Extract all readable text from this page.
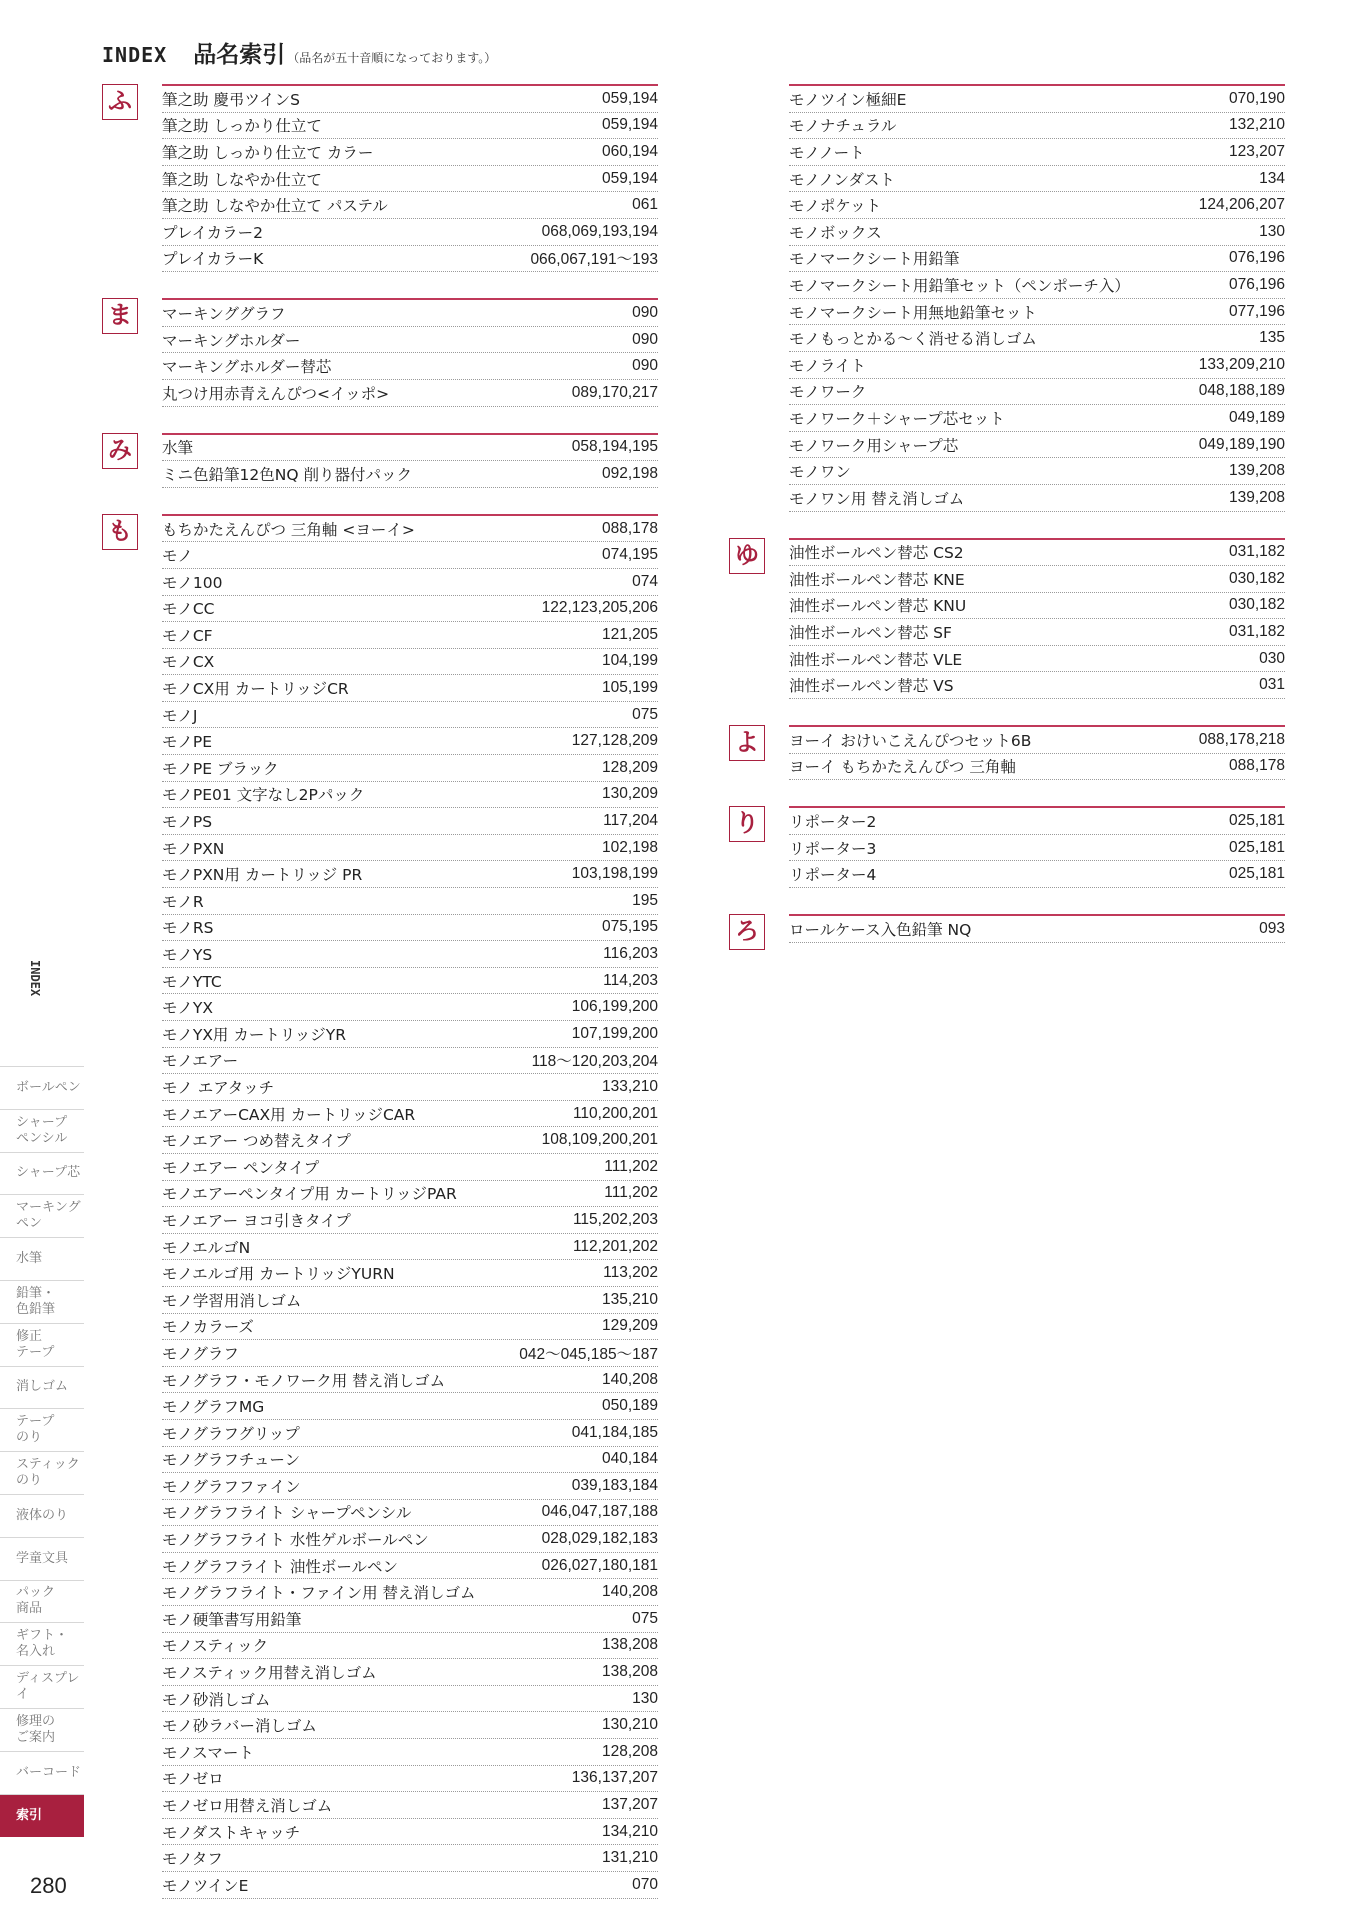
INDEX 品名索引 （品名が五十音順になっております。）
ふ	筆之助 慶弔ツインS	059,194
筆之助 しっかり仕立て	059,194
筆之助 しっかり仕立て カラー	060,194
筆之助 しなやか仕立て	059,194
筆之助 しなやか仕立て パステル	061
プレイカラー2	068,069,193,194
プレイカラーK	066,067,191〜193
ま	マーキンググラフ	090
マーキングホルダー	090
マーキングホルダー替芯	090
丸つけ用赤青えんぴつ<イッポ>	089,170,217
み	水筆	058,194,195
ミニ色鉛筆12色NQ 削り器付パック	092,198
も	もちかたえんぴつ 三角軸 <ヨーイ>	088,178
モノ	074,195
モノ100	074
モノCC	122,123,205,206
モノCF	121,205
モノCX	104,199
モノCX用 カートリッジCR	105,199
モノJ	075
モノPE	127,128,209
モノPE ブラック	128,209
モノPE01 文字なし2Pパック	130,209
モノPS	117,204
モノPXN	102,198
モノPXN用 カートリッジ PR	103,198,199
モノR	195
モノRS	075,195
モノYS	116,203
モノYTC	114,203
モノYX	106,199,200
モノYX用 カートリッジYR	107,199,200
モノエアー	118〜120,203,204
モノ エアタッチ	133,210
モノエアーCAX用 カートリッジCAR	110,200,201
モノエアー つめ替えタイプ	108,109,200,201
モノエアー ペンタイプ	111,202
モノエアーペンタイプ用 カートリッジPAR	111,202
モノエアー ヨコ引きタイプ	115,202,203
モノエルゴN	112,201,202
モノエルゴ用 カートリッジYURN	113,202
モノ学習用消しゴム	135,210
モノカラーズ	129,209
モノグラフ	042〜045,185〜187
モノグラフ・モノワーク用 替え消しゴム	140,208
モノグラフMG	050,189
モノグラフグリップ	041,184,185
モノグラフチューン	040,184
モノグラフファイン	039,183,184
モノグラフライト シャープペンシル	046,047,187,188
モノグラフライト 水性ゲルボールペン	028,029,182,183
モノグラフライト 油性ボールペン	026,027,180,181
モノグラフライト・ファイン用 替え消しゴム	140,208
モノ硬筆書写用鉛筆	075
モノスティック	138,208
モノスティック用替え消しゴム	138,208
モノ砂消しゴム	130
モノ砂ラバー消しゴム	130,210
モノスマート	128,208
モノゼロ	136,137,207
モノゼロ用替え消しゴム	137,207
モノダストキャッチ	134,210
モノタフ	131,210
モノツインE	070
モノツイン極細E	070,190
モノナチュラル	132,210
モノノート	123,207
モノノンダスト	134
モノポケット	124,206,207
モノボックス	130
モノマークシート用鉛筆	076,196
モノマークシート用鉛筆セット（ペンポーチ入）	076,196
モノマークシート用無地鉛筆セット	077,196
モノもっとかる〜く消せる消しゴム	135
モノライト	133,209,210
モノワーク	048,188,189
モノワーク＋シャープ芯セット	049,189
モノワーク用シャープ芯	049,189,190
モノワン	139,208
モノワン用 替え消しゴム	139,208
ゆ	油性ボールペン替芯 CS2	031,182
油性ボールペン替芯 KNE	030,182
油性ボールペン替芯 KNU	030,182
油性ボールペン替芯 SF	031,182
油性ボールペン替芯 VLE	030
油性ボールペン替芯 VS	031
よ	ヨーイ おけいこえんぴつセット6B	088,178,218
ヨーイ もちかたえんぴつ 三角軸	088,178
り	リポーター2	025,181
リポーター3	025,181
リポーター4	025,181
ろ	ロールケース入色鉛筆 NQ	093
INDEX
ボールペン
シャープ
ペンシル
シャープ芯
マーキング
ペン
水筆
鉛筆・
色鉛筆
修正
テープ
消しゴム
テープ
のり
スティック
のり
液体のり
学童文具
パック
商品
ギフト・
名入れ
ディスプレイ
修理の
ご案内
バーコード
索引
280
